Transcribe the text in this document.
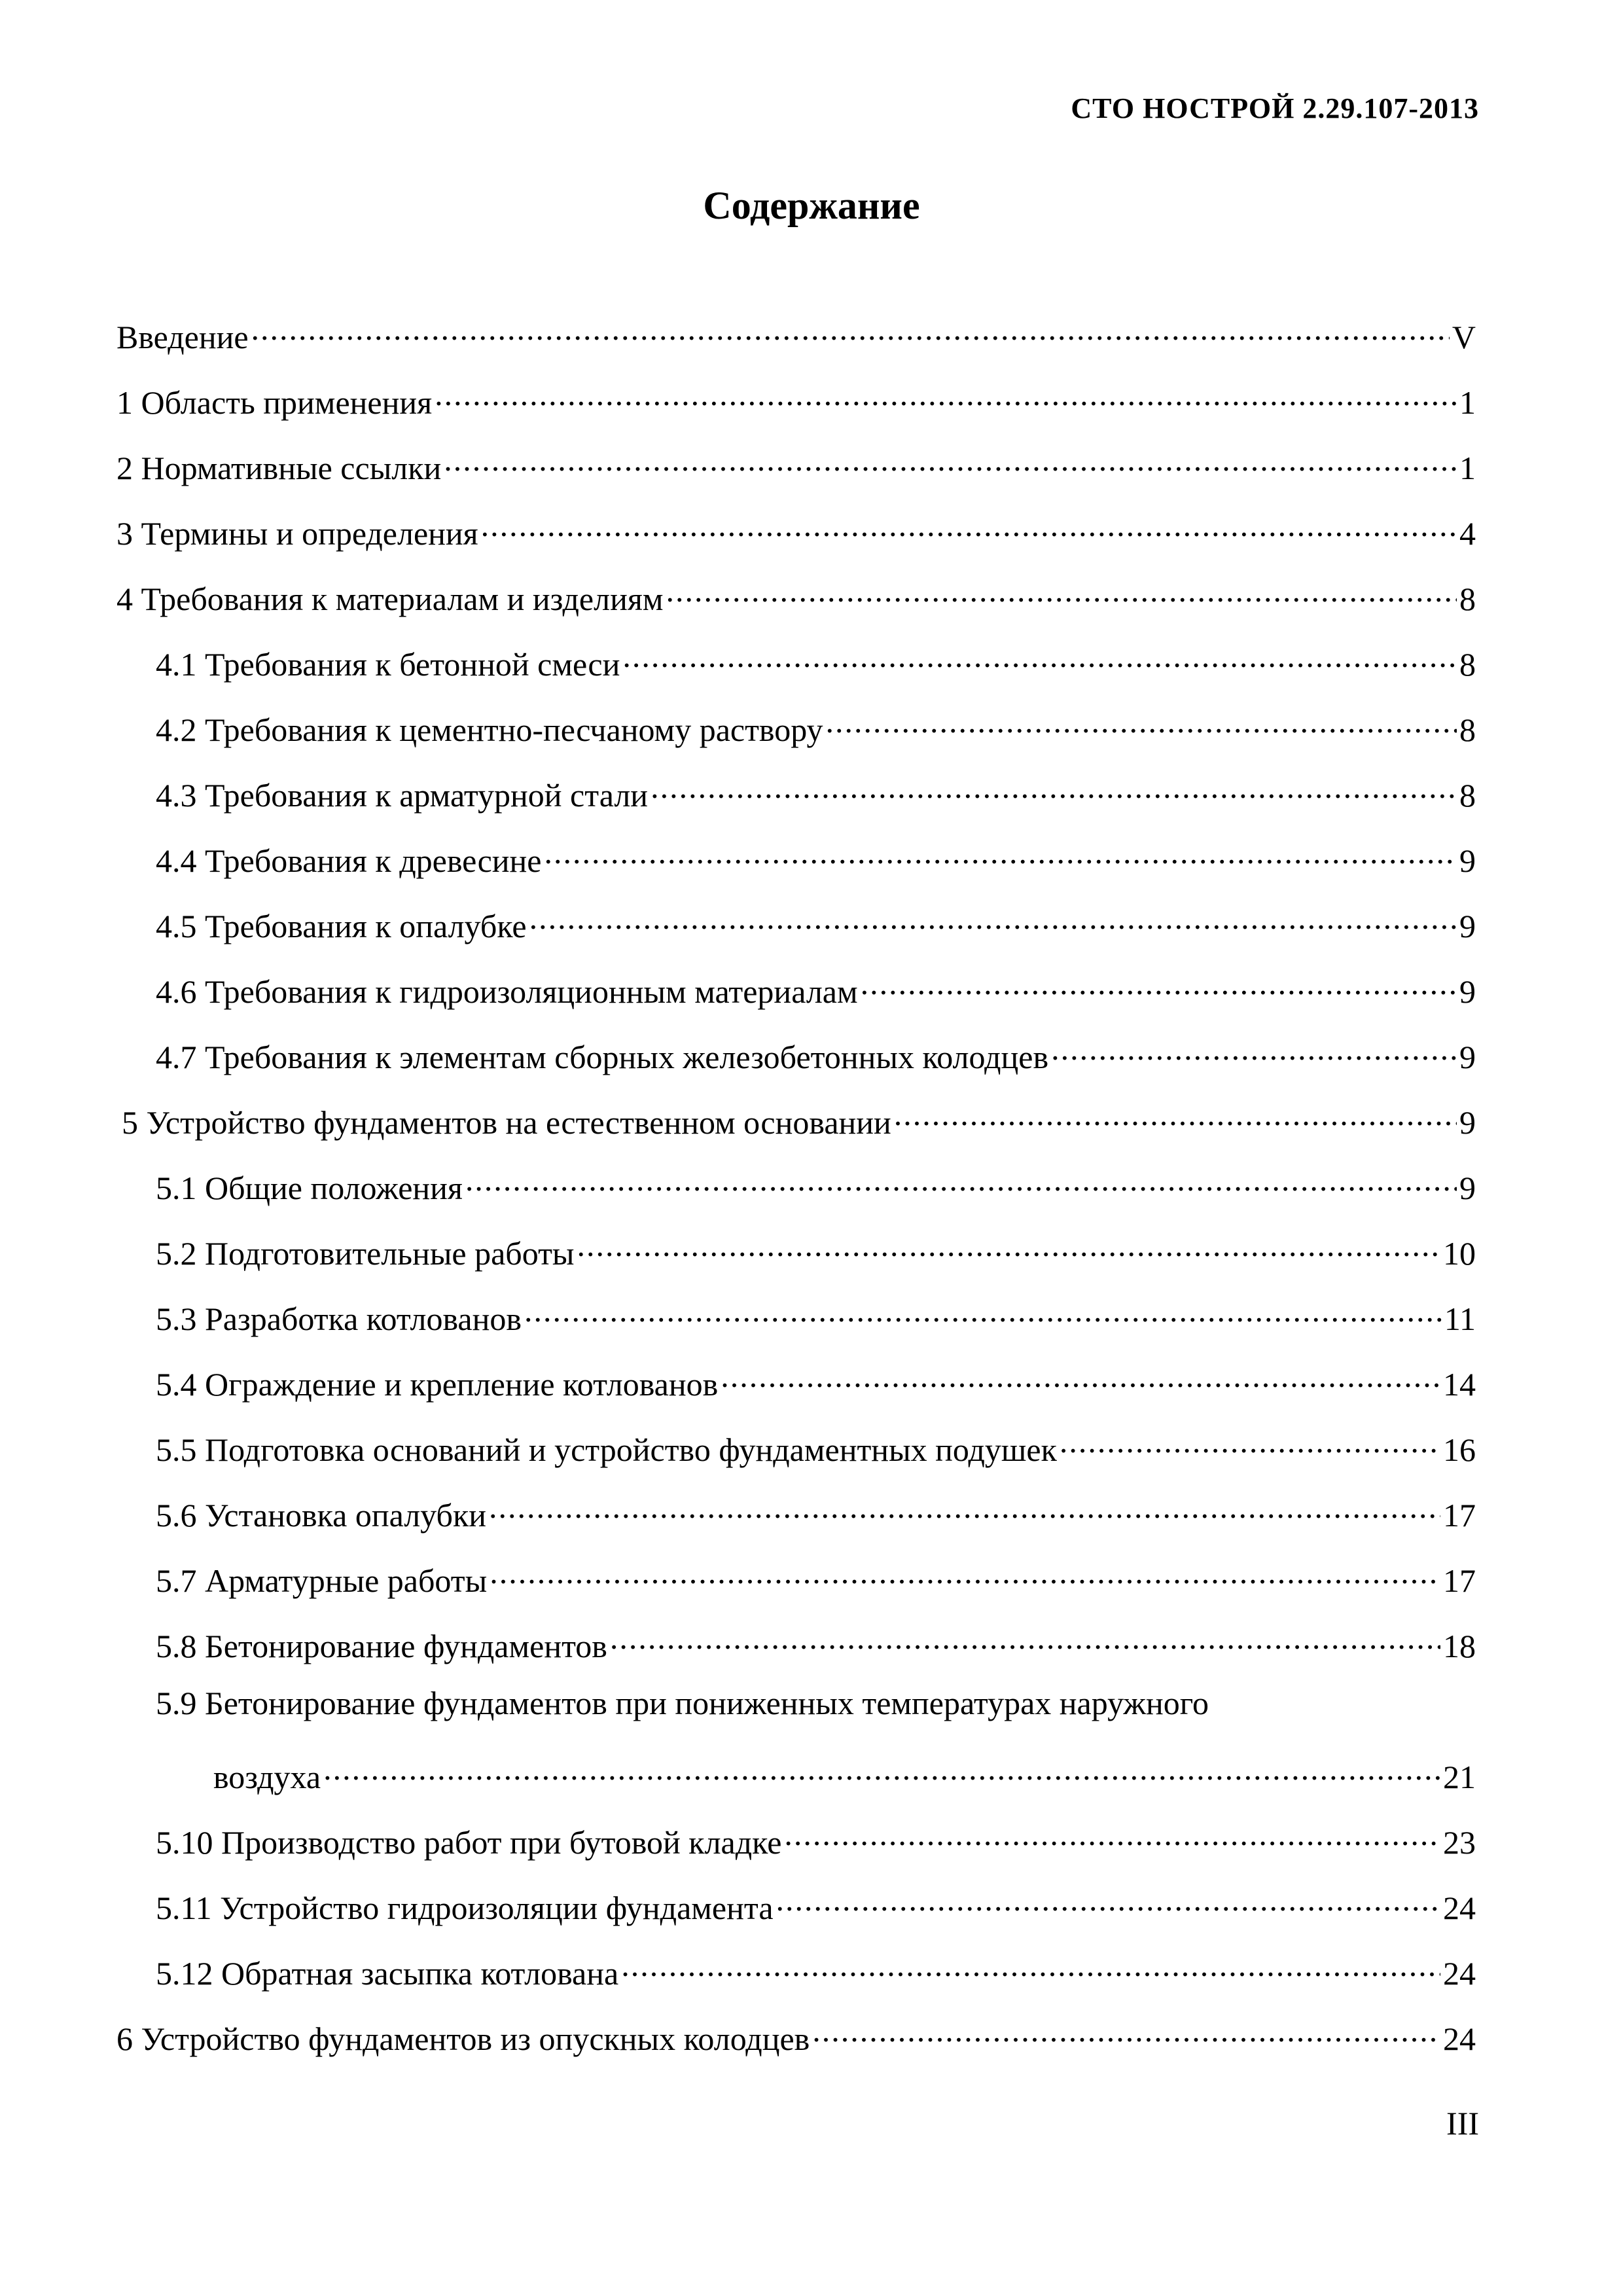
СТО НОСТРОЙ 2.29.107-2013
Содержание
Введение .....	V
1 Область применения .....	1
2 Нормативные ссылки .....	1
3 Термины и определения .....	4
4 Требования к материалам и изделиям .....	8
4.1 Требования к бетонной смеси .....	8
4.2 Требования к цементно-песчаному раствору .....	8
4.3 Требования к арматурной стали .....	8
4.4 Требования к древесине .....	9
4.5 Требования к опалубке .....	9
4.6 Требования к гидроизоляционным материалам .....	9
4.7 Требования к элементам сборных железобетонных колодцев .....	9
5 Устройство фундаментов на естественном основании .....	9
5.1 Общие положения .....	9
5.2 Подготовительные работы .....	10
5.3 Разработка котлованов .....	11
5.4 Ограждение и крепление котлованов .....	14
5.5 Подготовка оснований и устройство фундаментных подушек .....	16
5.6 Установка опалубки .....	17
5.7 Арматурные работы .....	17
5.8 Бетонирование фундаментов .....	18
5.9 Бетонирование фундаментов при пониженных температурах наружного
воздуха .....	21
5.10 Производство работ при бутовой кладке .....	23
5.11 Устройство гидроизоляции фундамента .....	24
5.12 Обратная засыпка котлована .....	24
6 Устройство фундаментов из опускных колодцев .....	24
III
